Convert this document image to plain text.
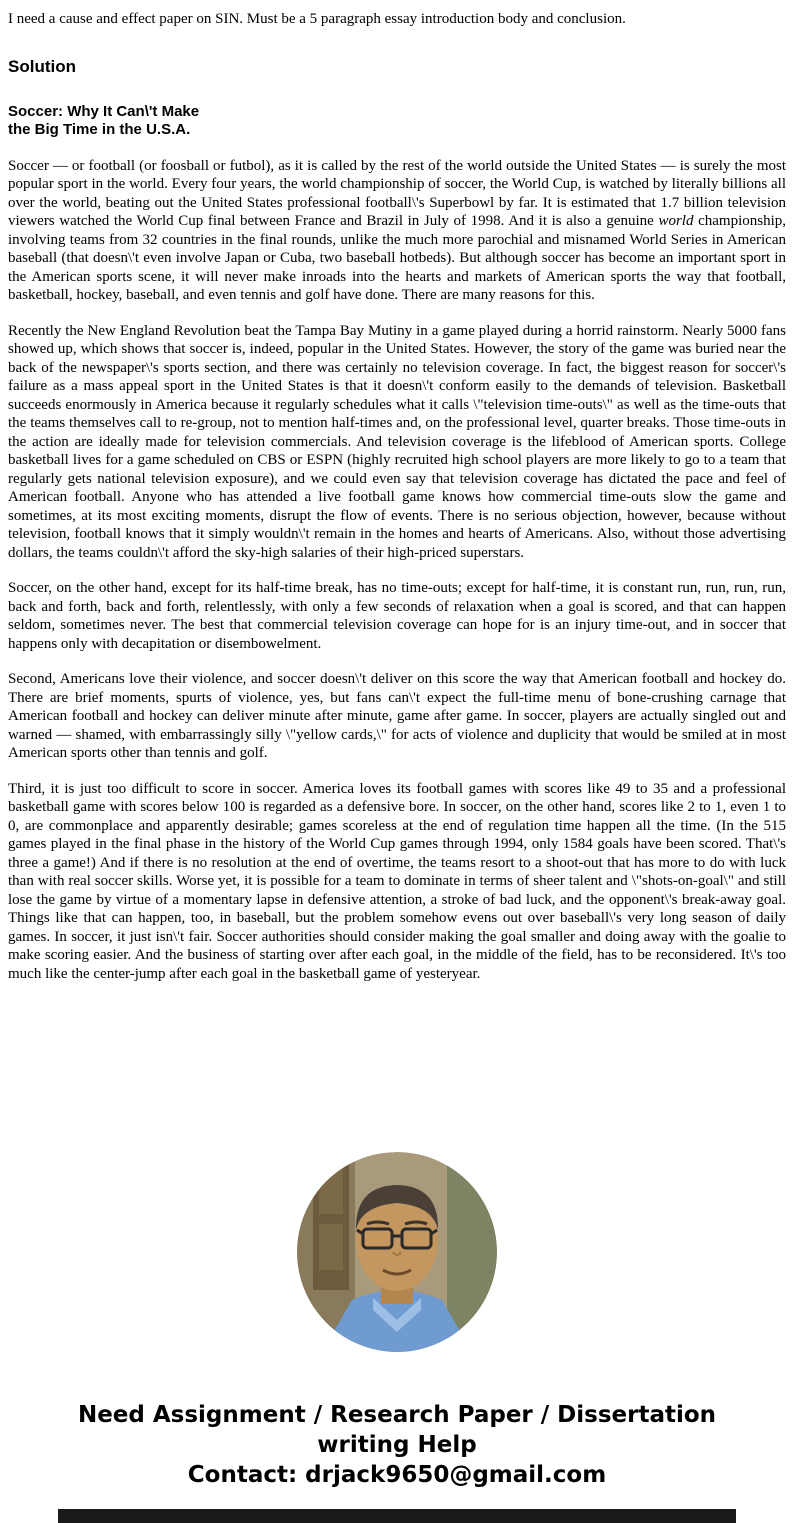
I need a cause and effect paper on SIN. Must be a 5 paragraph essay introduction body and conclusion.

Solution
Soccer: Why It Can\'t Make
the Big Time in the U.S.A.

Soccer — or football (or foosball or futbol), as it is called by the rest of the world outside the United States — is surely the most popular sport in the world. Every four years, the world championship of soccer, the World Cup, is watched by literally billions all over the world, beating out the United States professional football\'s Superbowl by far. It is estimated that 1.7 billion television viewers watched the World Cup final between France and Brazil in July of 1998. And it is also a genuine world championship, involving teams from 32 countries in the final rounds, unlike the much more parochial and misnamed World Series in American baseball (that doesn\'t even involve Japan or Cuba, two baseball hotbeds). But although soccer has become an important sport in the American sports scene, it will never make inroads into the hearts and markets of American sports the way that football, basketball, hockey, baseball, and even tennis and golf have done. There are many reasons for this.

Recently the New England Revolution beat the Tampa Bay Mutiny in a game played during a horrid rainstorm. Nearly 5000 fans showed up, which shows that soccer is, indeed, popular in the United States. However, the story of the game was buried near the back of the newspaper\'s sports section, and there was certainly no television coverage. In fact, the biggest reason for soccer\'s failure as a mass appeal sport in the United States is that it doesn\'t conform easily to the demands of television. Basketball succeeds enormously in America because it regularly schedules what it calls \"television time-outs\" as well as the time-outs that the teams themselves call to re-group, not to mention half-times and, on the professional level, quarter breaks. Those time-outs in the action are ideally made for television commercials. And television coverage is the lifeblood of American sports. College basketball lives for a game scheduled on CBS or ESPN (highly recruited high school players are more likely to go to a team that regularly gets national television exposure), and we could even say that television coverage has dictated the pace and feel of American football. Anyone who has attended a live football game knows how commercial time-outs slow the game and sometimes, at its most exciting moments, disrupt the flow of events. There is no serious objection, however, because without television, football knows that it simply wouldn\'t remain in the homes and hearts of Americans. Also, without those advertising dollars, the teams couldn\'t afford the sky-high salaries of their high-priced superstars.

Soccer, on the other hand, except for its half-time break, has no time-outs; except for half-time, it is constant run, run, run, run, back and forth, back and forth, relentlessly, with only a few seconds of relaxation when a goal is scored, and that can happen seldom, sometimes never. The best that commercial television coverage can hope for is an injury time-out, and in soccer that happens only with decapitation or disembowelment.

Second, Americans love their violence, and soccer doesn\'t deliver on this score the way that American football and hockey do. There are brief moments, spurts of violence, yes, but fans can\'t expect the full-time menu of bone-crushing carnage that American football and hockey can deliver minute after minute, game after game. In soccer, players are actually singled out and warned — shamed, with embarrassingly silly \"yellow cards,\" for acts of violence and duplicity that would be smiled at in most American sports other than tennis and golf.

Third, it is just too difficult to score in soccer. America loves its football games with scores like 49 to 35 and a professional basketball game with scores below 100 is regarded as a defensive bore. In soccer, on the other hand, scores like 2 to 1, even 1 to 0, are commonplace and apparently desirable; games scoreless at the end of regulation time happen all the time. (In the 515 games played in the final phase in the history of the World Cup games through 1994, only 1584 goals have been scored. That\'s three a game!) And if there is no resolution at the end of overtime, the teams resort to a shoot-out that has more to do with luck than with real soccer skills. Worse yet, it is possible for a team to dominate in terms of sheer talent and \"shots-on-goal\" and still lose the game by virtue of a momentary lapse in defensive attention, a stroke of bad luck, and the opponent\'s break-away goal. Things like that can happen, too, in baseball, but the problem somehow evens out over baseball\'s very long season of daily games. In soccer, it just isn\'t fair. Soccer authorities should consider making the goal smaller and doing away with the goalie to make scoring easier. And the business of starting over after each goal, in the middle of the field, has to be reconsidered. It\'s too much like the center-jump after each goal in the basketball game of yesteryear.

Need Assignment / Research Paper / Dissertation
writing Help
Contact: drjack9650@gmail.com
